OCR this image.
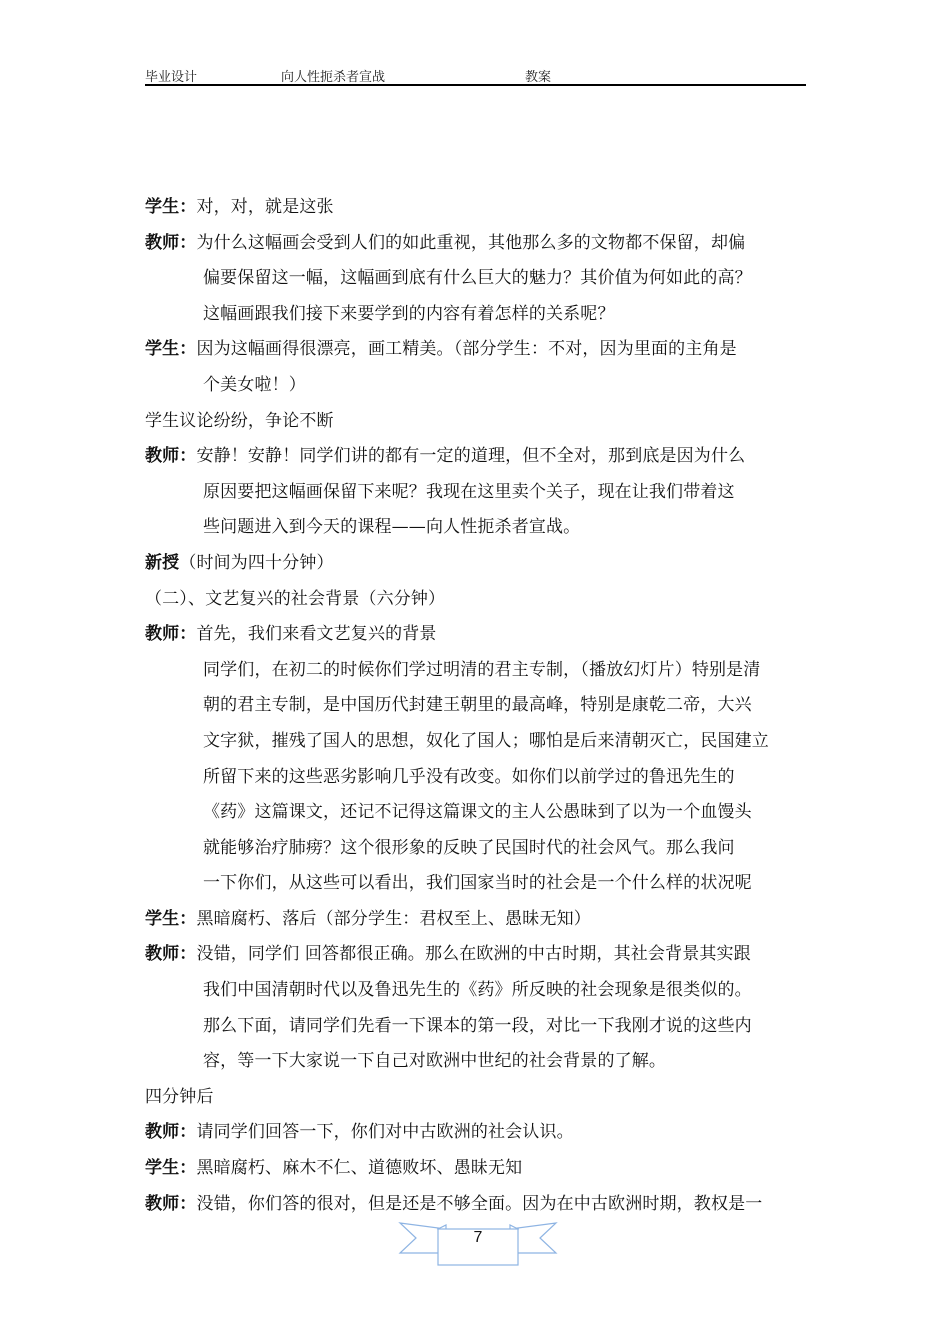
毕业设计	向人性扼杀者宣战	教案
学生：对，对，就是这张
教师：为什么这幅画会受到人们的如此重视，其他那么多的文物都不保留，却偏
偏要保留这一幅，这幅画到底有什么巨大的魅力？其价值为何如此的高？
这幅画跟我们接下来要学到的内容有着怎样的关系呢？
学生：因为这幅画得很漂亮，画工精美。（部分学生：不对，因为里面的主角是
个美女啦！）
学生议论纷纷，争论不断
教师：安静！安静！同学们讲的都有一定的道理，但不全对，那到底是因为什么
原因要把这幅画保留下来呢？我现在这里卖个关子，现在让我们带着这
些问题进入到今天的课程——向人性扼杀者宣战。
新授（时间为四十分钟）
（二）、文艺复兴的社会背景（六分钟）
教师：首先，我们来看文艺复兴的背景
同学们，在初二的时候你们学过明清的君主专制，（播放幻灯片）特别是清
朝的君主专制，是中国历代封建王朝里的最高峰，特别是康乾二帝，大兴
文字狱，摧残了国人的思想，奴化了国人；哪怕是后来清朝灭亡，民国建立
所留下来的这些恶劣影响几乎没有改变。如你们以前学过的鲁迅先生的
《药》这篇课文，还记不记得这篇课文的主人公愚昧到了以为一个血馒头
就能够治疗肺痨？这个很形象的反映了民国时代的社会风气。那么我问
一下你们，从这些可以看出，我们国家当时的社会是一个什么样的状况呢
学生：黑暗腐朽、落后（部分学生：君权至上、愚昧无知）
教师：没错，同学们 回答都很正确。那么在欧洲的中古时期，其社会背景其实跟
我们中国清朝时代以及鲁迅先生的《药》所反映的社会现象是很类似的。
那么下面，请同学们先看一下课本的第一段，对比一下我刚才说的这些内
容，等一下大家说一下自己对欧洲中世纪的社会背景的了解。
四分钟后
教师：请同学们回答一下，你们对中古欧洲的社会认识。
学生：黑暗腐朽、麻木不仁、道德败坏、愚昧无知
教师：没错，你们答的很对，但是还是不够全面。因为在中古欧洲时期，教权是一
7
